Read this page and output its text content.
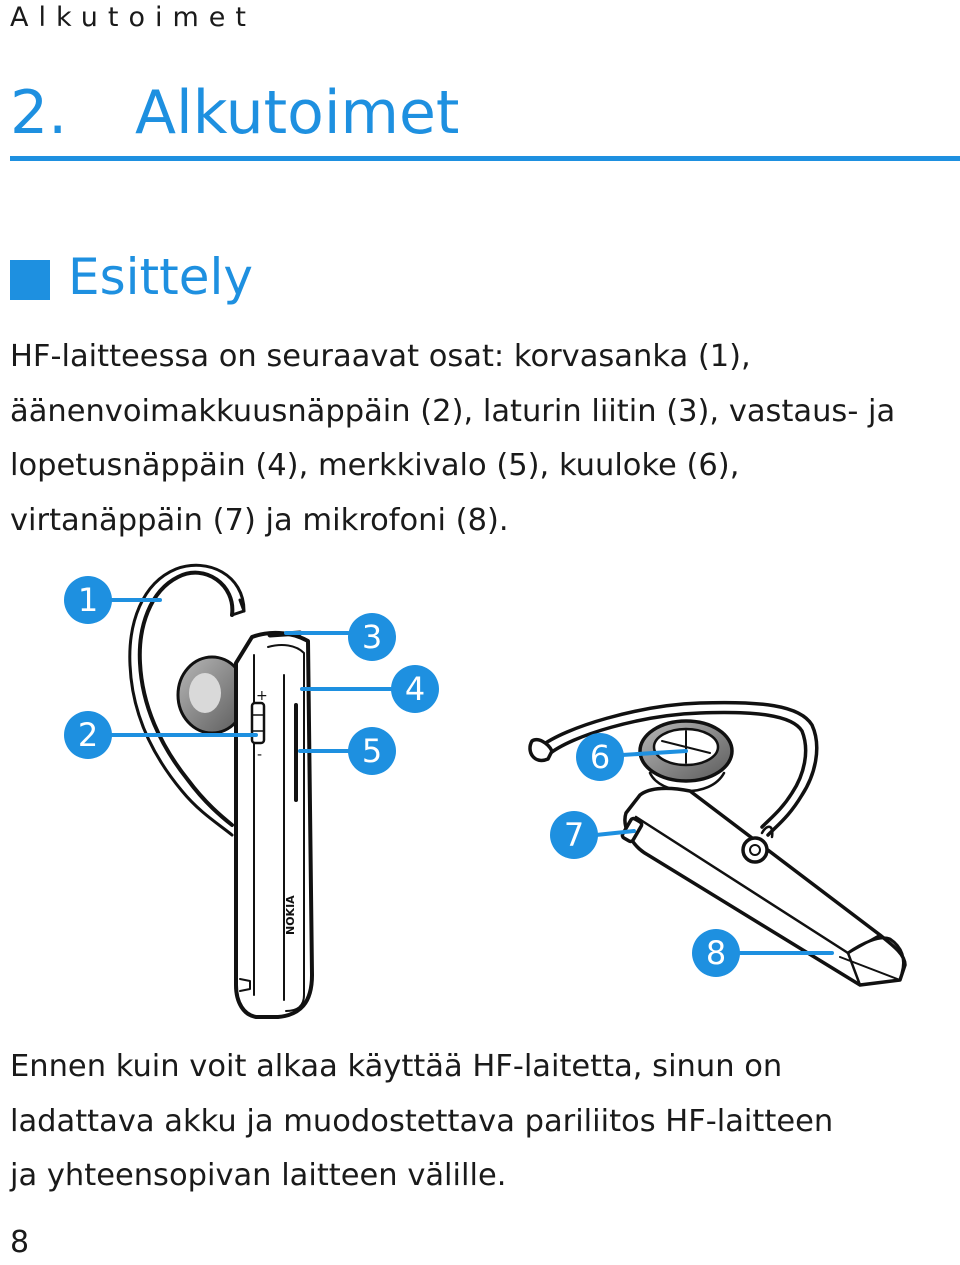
Alkutoimet
2. Alkutoimet
Esittely
HF-laitteessa on seuraavat osat: korvasanka (1),
äänenvoimakkuusnäppäin (2), laturin liitin (3), vastaus- ja
lopetusnäppäin (4), merkkivalo (5), kuuloke (6),
virtanäppäin (7) ja mikrofoni (8).
+
-
NOKIA
1
2
3
4
5	6
7
8
Ennen kuin voit alkaa käyttää HF-laitetta, sinun on
ladattava akku ja muodostettava pariliitos HF-laitteen
ja yhteensopivan laitteen välille.
8
